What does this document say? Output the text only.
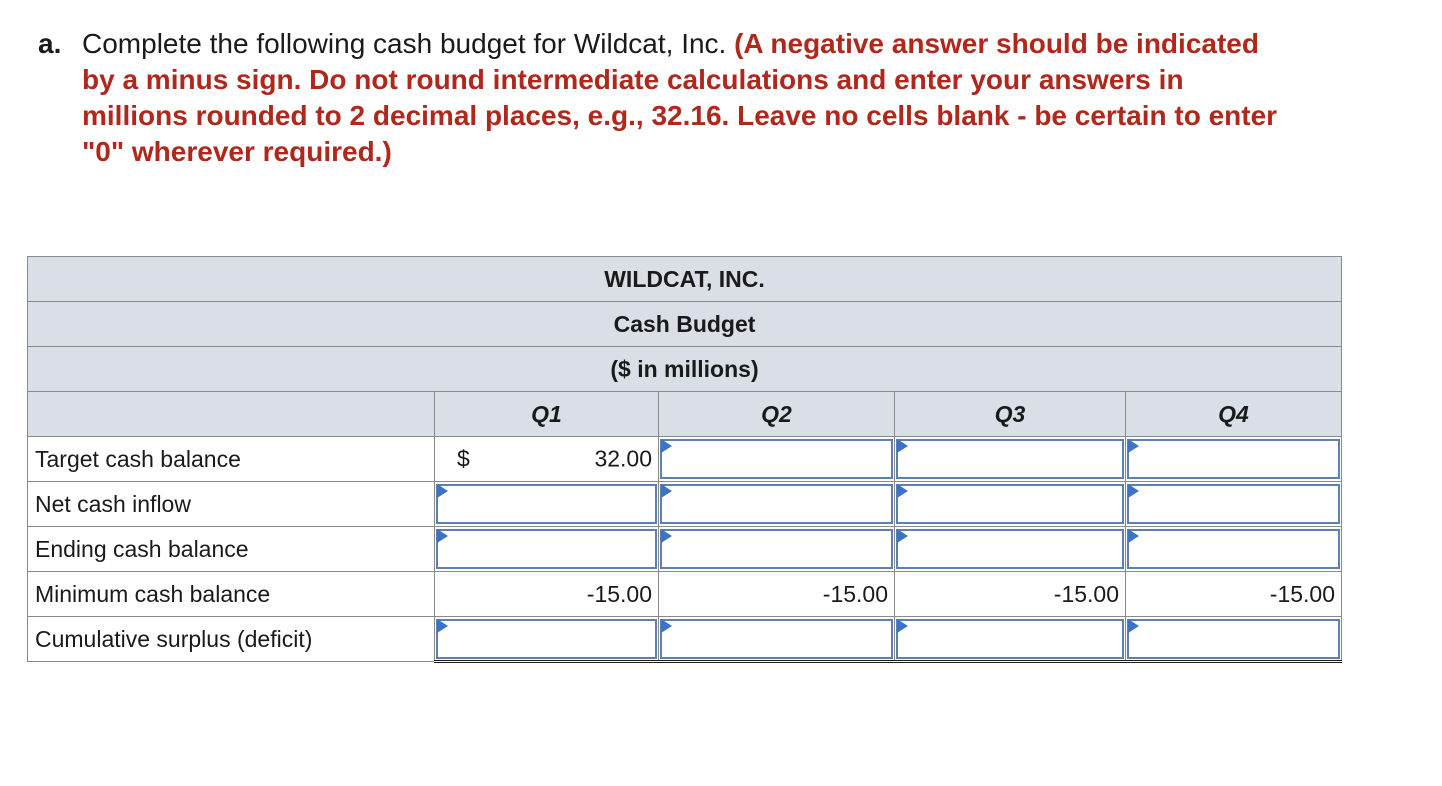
a. Complete the following cash budget for Wildcat, Inc. (A negative answer should be indicated by a minus sign. Do not round intermediate calculations and enter your answers in millions rounded to 2 decimal places, e.g., 32.16. Leave no cells blank - be certain to enter "0" wherever required.)
WILDCAT, INC.				
Cash Budget				
($ in millions)				
	Q1	Q2	Q3	Q4
Target cash balance	$ 32.00

Net cash inflow	

Ending cash balance	

Minimum cash balance	-15.00	-15.00	-15.00	-15.00
Cumulative surplus (deficit)	
